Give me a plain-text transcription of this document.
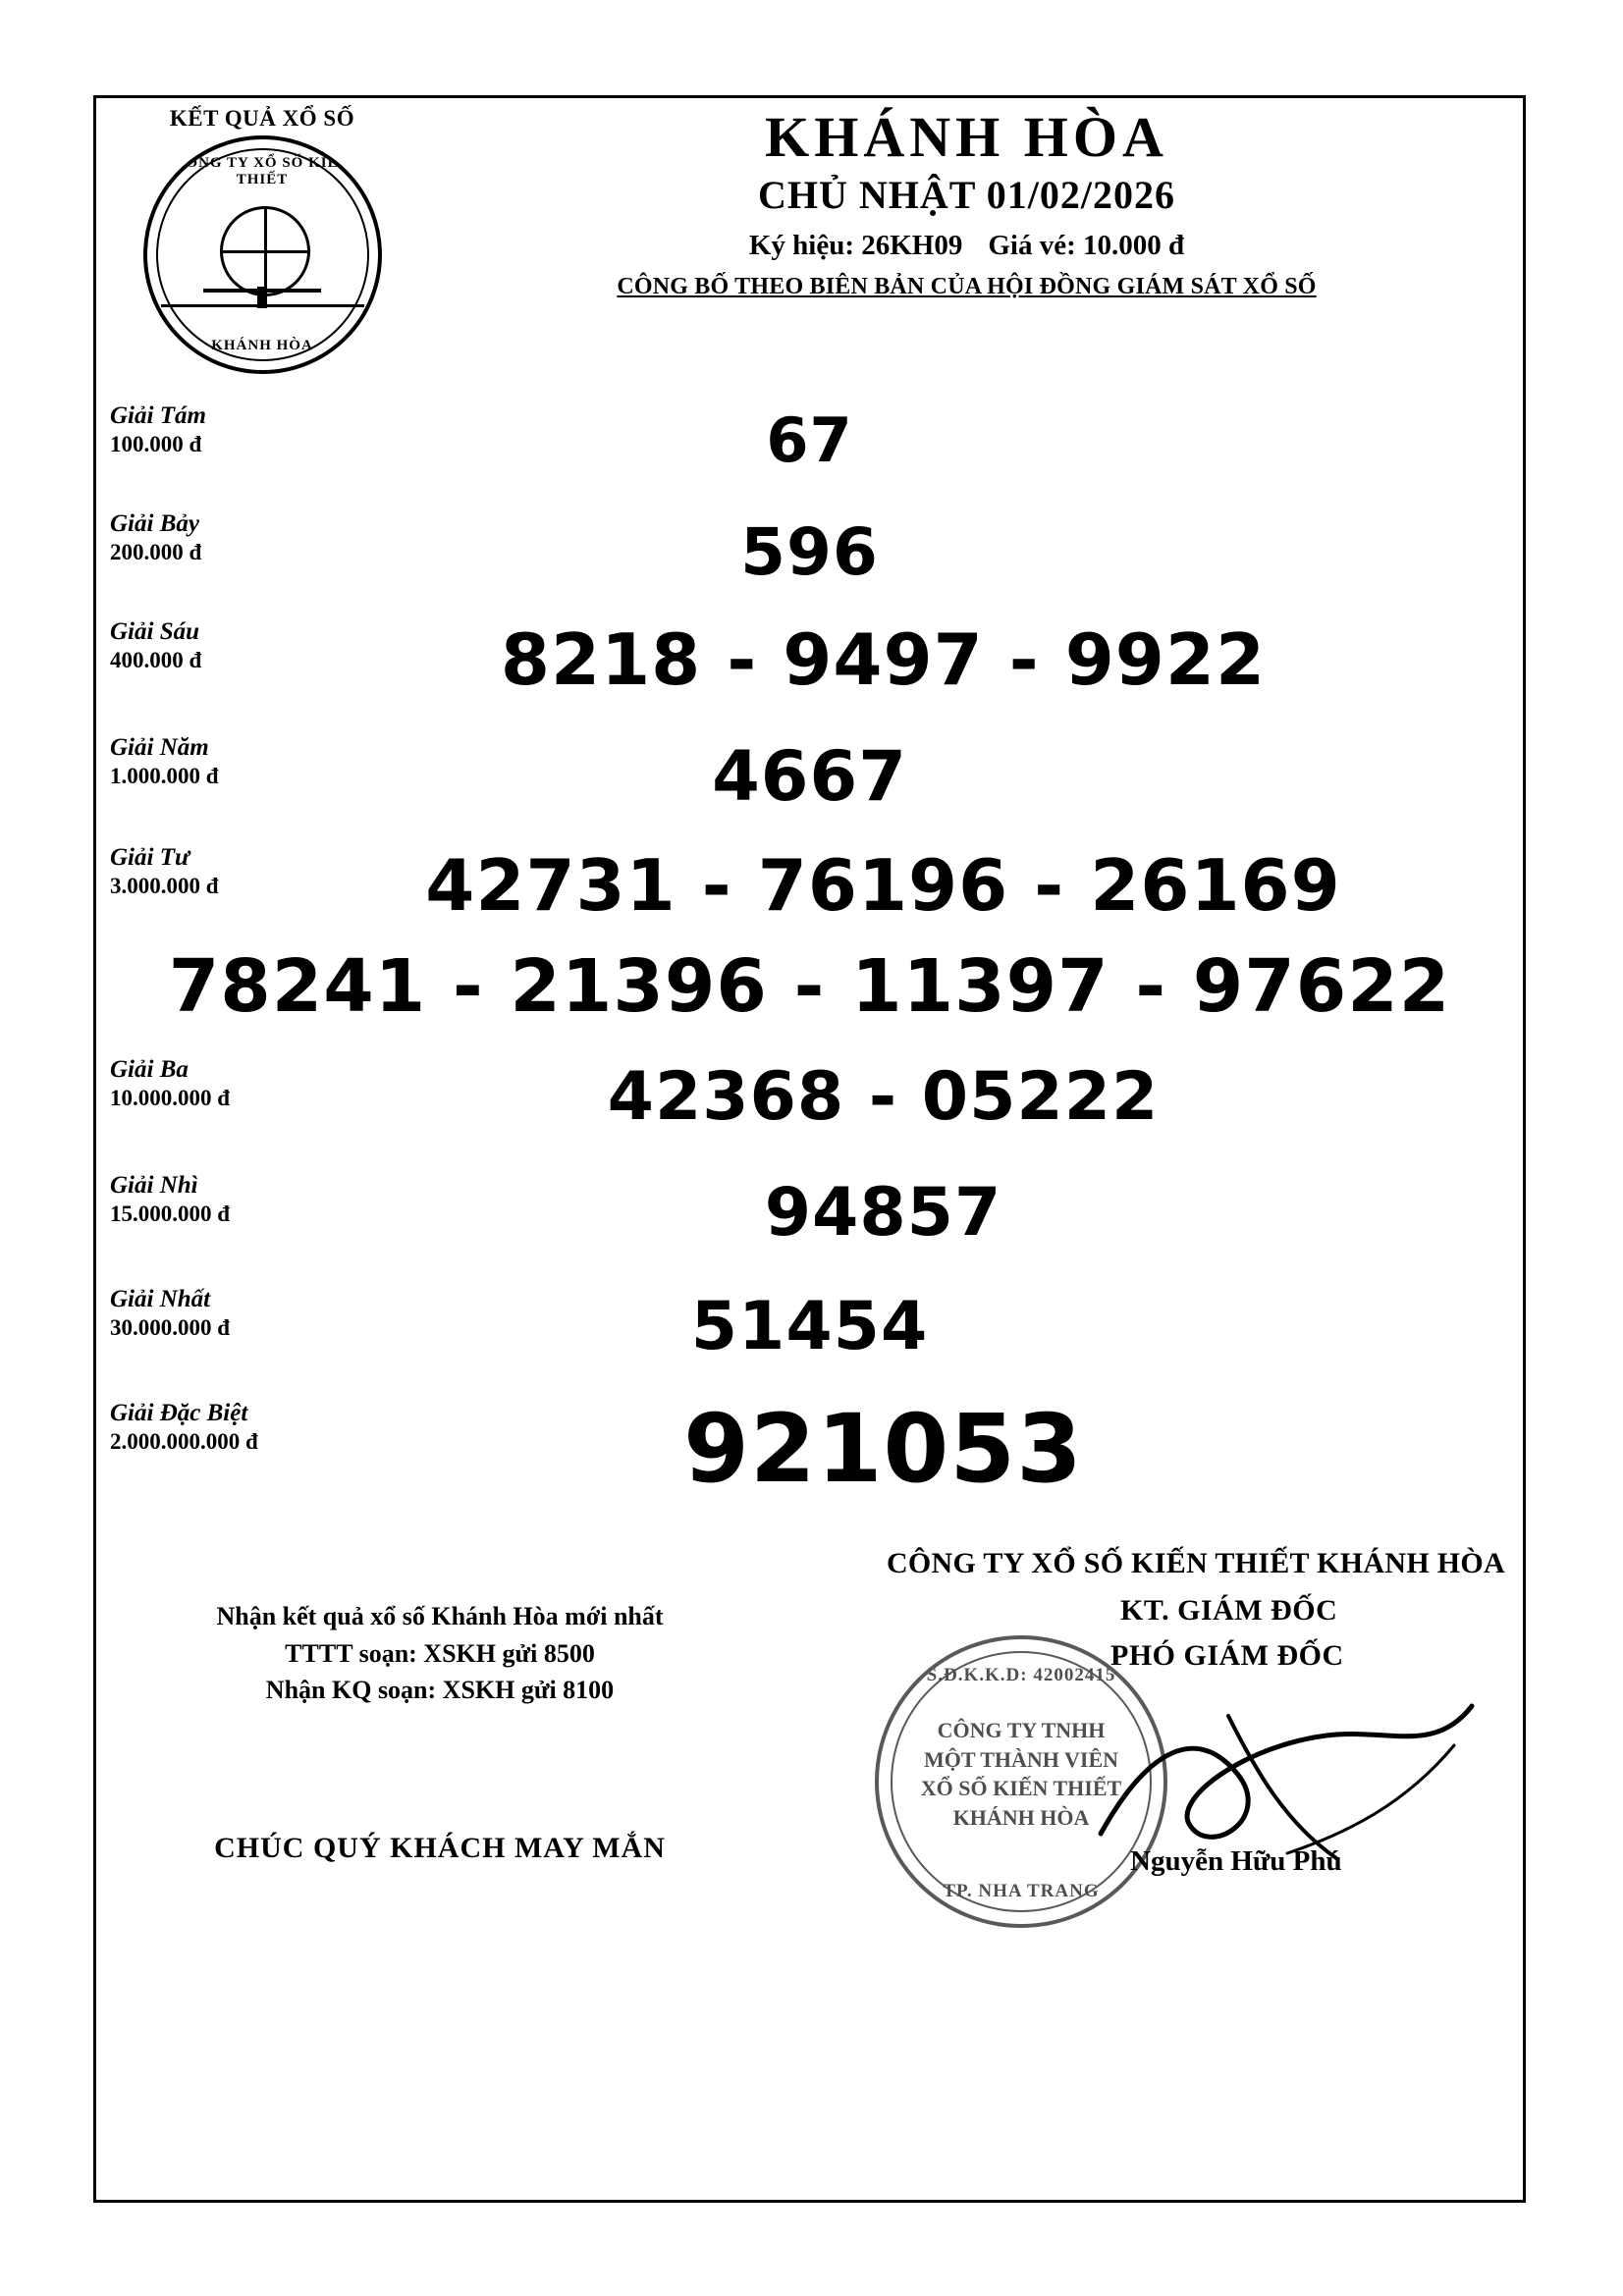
KẾT QUẢ XỔ SỐ
CÔNG TY XỔ SỐ KIẾN THIẾT
KHÁNH HÒA
KHÁNH HÒA
CHỦ NHẬT 01/02/2026
Ký hiệu: 26KH09 Giá vé: 10.000 đ
CÔNG BỐ THEO BIÊN BẢN CỦA HỘI ĐỒNG GIÁM SÁT XỔ SỐ
Giải Tám
100.000 đ	67
Giải Bảy
200.000 đ	596
Giải Sáu
400.000 đ	8218 - 9497 - 9922
Giải Năm
1.000.000 đ	4667
Giải Tư
3.000.000 đ	42731 - 76196 - 26169
78241 - 21396 - 11397 - 97622
Giải Ba
10.000.000 đ	42368 - 05222
Giải Nhì
15.000.000 đ	94857
Giải Nhất
30.000.000 đ	51454
Giải Đặc Biệt
2.000.000.000 đ	921053
CÔNG TY XỔ SỐ KIẾN THIẾT KHÁNH HÒA
Nhận kết quả xổ số Khánh Hòa mới nhất
TTTT soạn: XSKH gửi 8500
Nhận KQ soạn: XSKH gửi 8100
CHÚC QUÝ KHÁCH MAY MẮN
KT. GIÁM ĐỐC
PHÓ GIÁM ĐỐC
S.Đ.K.K.D: 42002415
CÔNG TY TNHH
MỘT THÀNH VIÊN
XỔ SỐ KIẾN THIẾT
KHÁNH HÒA
TP. NHA TRANG
Nguyễn Hữu Phú
